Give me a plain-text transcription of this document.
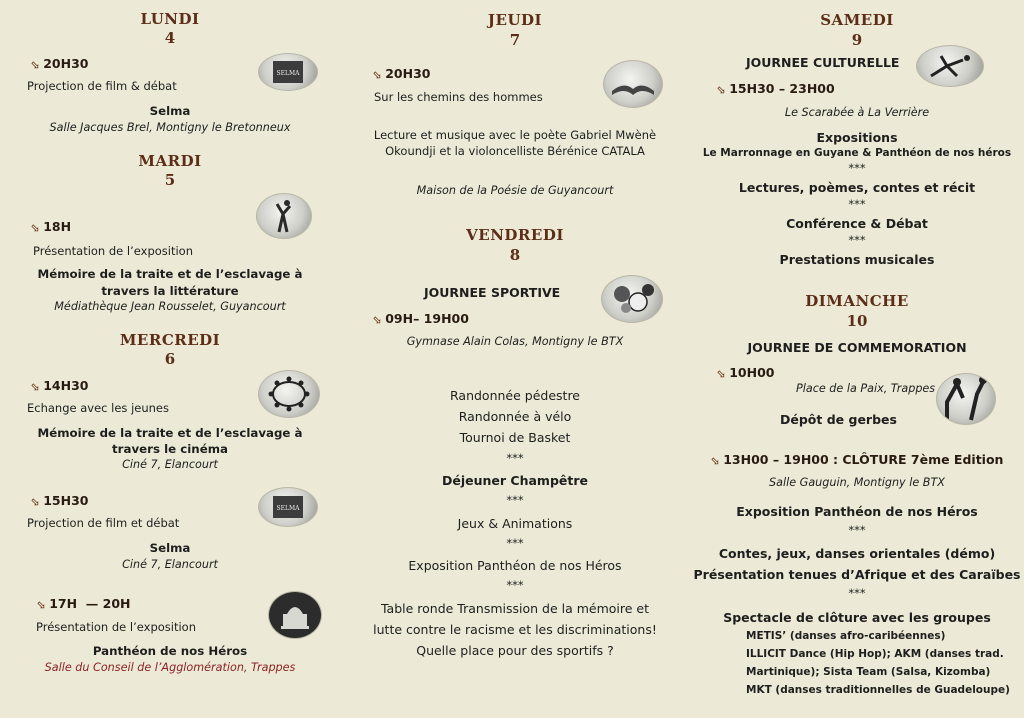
LUNDI
4
⬂ 20H30
SELMA
Projection de film & débat
Selma
Salle Jacques Brel, Montigny le Bretonneux
MARDI
5
⬂ 18H
Présentation de l’exposition
Mémoire de la traite et de l’esclavage à
travers la littérature
Médiathèque Jean Rousselet, Guyancourt
MERCREDI
6
⬂ 14H30
Echange avec les jeunes
Mémoire de la traite et de l’esclavage à
travers le cinéma
Ciné 7, Elancourt
⬂ 15H30
SELMA
Projection de film et débat
Selma
Ciné 7, Elancourt
⬂ 17H — 20H
Présentation de l’exposition
Panthéon de nos Héros
Salle du Conseil de l’Agglomération, Trappes
JEUDI
7
⬂ 20H30
Sur les chemins des hommes
Lecture et musique avec le poète Gabriel Mwènè
Okoundji et la violoncelliste Bérénice CATALA
Maison de la Poésie de Guyancourt
VENDREDI
8
JOURNEE SPORTIVE
⬂ 09H– 19H00
Gymnase Alain Colas, Montigny le BTX
Randonnée pédestre
Randonnée à vélo
Tournoi de Basket
***
Déjeuner Champêtre
***
Jeux & Animations
***
Exposition Panthéon de nos Héros
***
Table ronde Transmission de la mémoire et
lutte contre le racisme et les discriminations!
Quelle place pour des sportifs ?
SAMEDI
9
JOURNEE CULTURELLE
⬂ 15H30 – 23H00
Le Scarabée à La Verrière
Expositions
Le Marronnage en Guyane & Panthéon de nos héros
***
Lectures, poèmes, contes et récit
***
Conférence & Débat
***
Prestations musicales
DIMANCHE
10
JOURNEE DE COMMEMORATION
⬂ 10H00
Place de la Paix, Trappes
Dépôt de gerbes
⬂ 13H00 – 19H00 : CLÔTURE 7ème Edition
Salle Gauguin, Montigny le BTX
Exposition Panthéon de nos Héros
***
Contes, jeux, danses orientales (démo)
Présentation tenues d’Afrique et des Caraïbes
***
Spectacle de clôture avec les groupes
METIS’ (danses afro-caribéennes)
ILLICIT Dance (Hip Hop); AKM (danses trad.
Martinique); Sista Team (Salsa, Kizomba)
MKT (danses traditionnelles de Guadeloupe)
